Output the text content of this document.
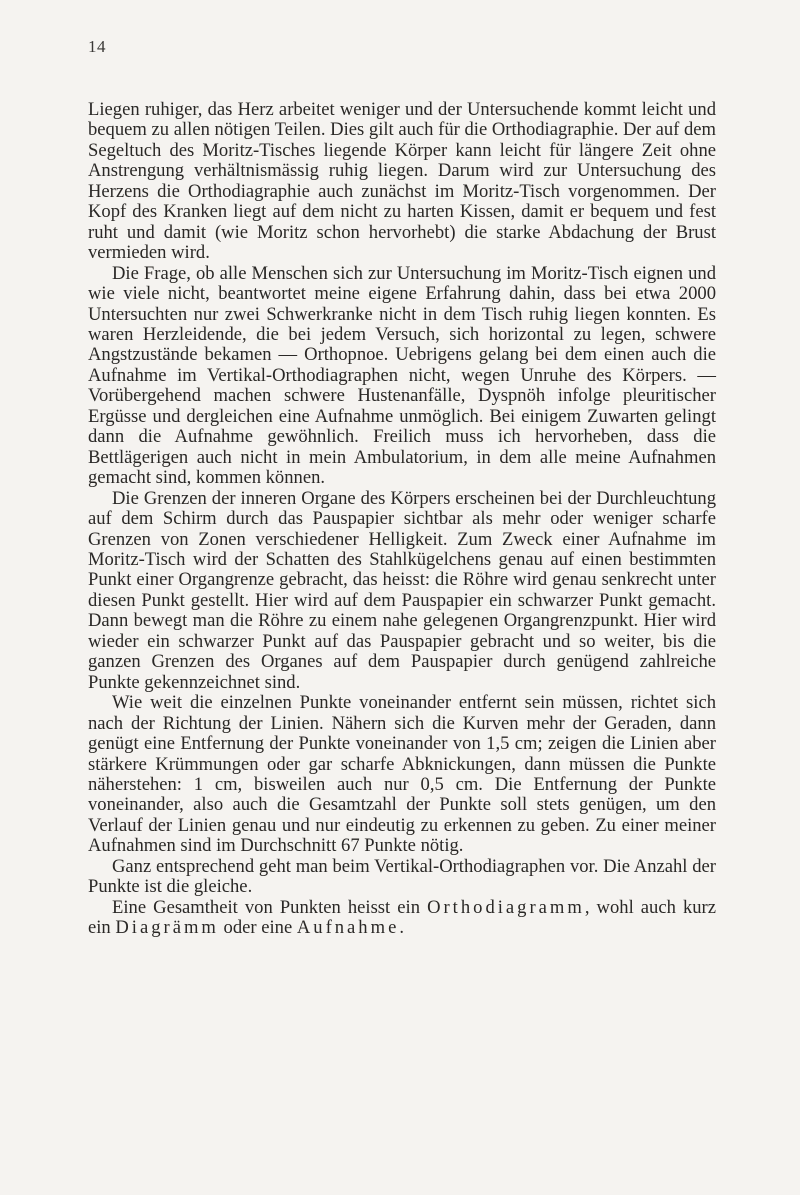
14

Liegen ruhiger, das Herz arbeitet weniger und der Untersuchende kommt leicht und bequem zu allen nötigen Teilen. Dies gilt auch für die Orthodiagraphie. Der auf dem Segeltuch des Moritz-Tisches liegende Körper kann leicht für längere Zeit ohne Anstrengung verhältnismässig ruhig liegen. Darum wird zur Untersuchung des Herzens die Orthodiagraphie auch zunächst im Moritz-Tisch vorgenommen. Der Kopf des Kranken liegt auf dem nicht zu harten Kissen, damit er bequem und fest ruht und damit (wie Moritz schon hervorhebt) die starke Abdachung der Brust vermieden wird.

Die Frage, ob alle Menschen sich zur Untersuchung im Moritz-Tisch eignen und wie viele nicht, beantwortet meine eigene Erfahrung dahin, dass bei etwa 2000 Untersuchten nur zwei Schwerkranke nicht in dem Tisch ruhig liegen konnten. Es waren Herzleidende, die bei jedem Versuch, sich horizontal zu legen, schwere Angstzustände bekamen — Orthopnoe. Uebrigens gelang bei dem einen auch die Aufnahme im Vertikal-Orthodiagraphen nicht, wegen Unruhe des Körpers. — Vorübergehend machen schwere Hustenanfälle, Dyspnöh infolge pleuritischer Ergüsse und dergleichen eine Aufnahme unmöglich. Bei einigem Zuwarten gelingt dann die Aufnahme gewöhnlich. Freilich muss ich hervorheben, dass die Bettlägerigen auch nicht in mein Ambulatorium, in dem alle meine Aufnahmen gemacht sind, kommen können.

Die Grenzen der inneren Organe des Körpers erscheinen bei der Durchleuchtung auf dem Schirm durch das Pauspapier sichtbar als mehr oder weniger scharfe Grenzen von Zonen verschiedener Helligkeit. Zum Zweck einer Aufnahme im Moritz-Tisch wird der Schatten des Stahlkügelchens genau auf einen bestimmten Punkt einer Organgrenze gebracht, das heisst: die Röhre wird genau senkrecht unter diesen Punkt gestellt. Hier wird auf dem Pauspapier ein schwarzer Punkt gemacht. Dann bewegt man die Röhre zu einem nahe gelegenen Organgrenzpunkt. Hier wird wieder ein schwarzer Punkt auf das Pauspapier gebracht und so weiter, bis die ganzen Grenzen des Organes auf dem Pauspapier durch genügend zahlreiche Punkte gekennzeichnet sind.

Wie weit die einzelnen Punkte voneinander entfernt sein müssen, richtet sich nach der Richtung der Linien. Nähern sich die Kurven mehr der Geraden, dann genügt eine Entfernung der Punkte voneinander von 1,5 cm; zeigen die Linien aber stärkere Krümmungen oder gar scharfe Abknickungen, dann müssen die Punkte näherstehen: 1 cm, bisweilen auch nur 0,5 cm. Die Entfernung der Punkte voneinander, also auch die Gesamtzahl der Punkte soll stets genügen, um den Verlauf der Linien genau und nur eindeutig zu erkennen zu geben. Zu einer meiner Aufnahmen sind im Durchschnitt 67 Punkte nötig.

Ganz entsprechend geht man beim Vertikal-Orthodiagraphen vor. Die Anzahl der Punkte ist die gleiche.

Eine Gesamtheit von Punkten heisst ein Orthodiagramm, wohl auch kurz ein Diagrämm oder eine Aufnahme.
